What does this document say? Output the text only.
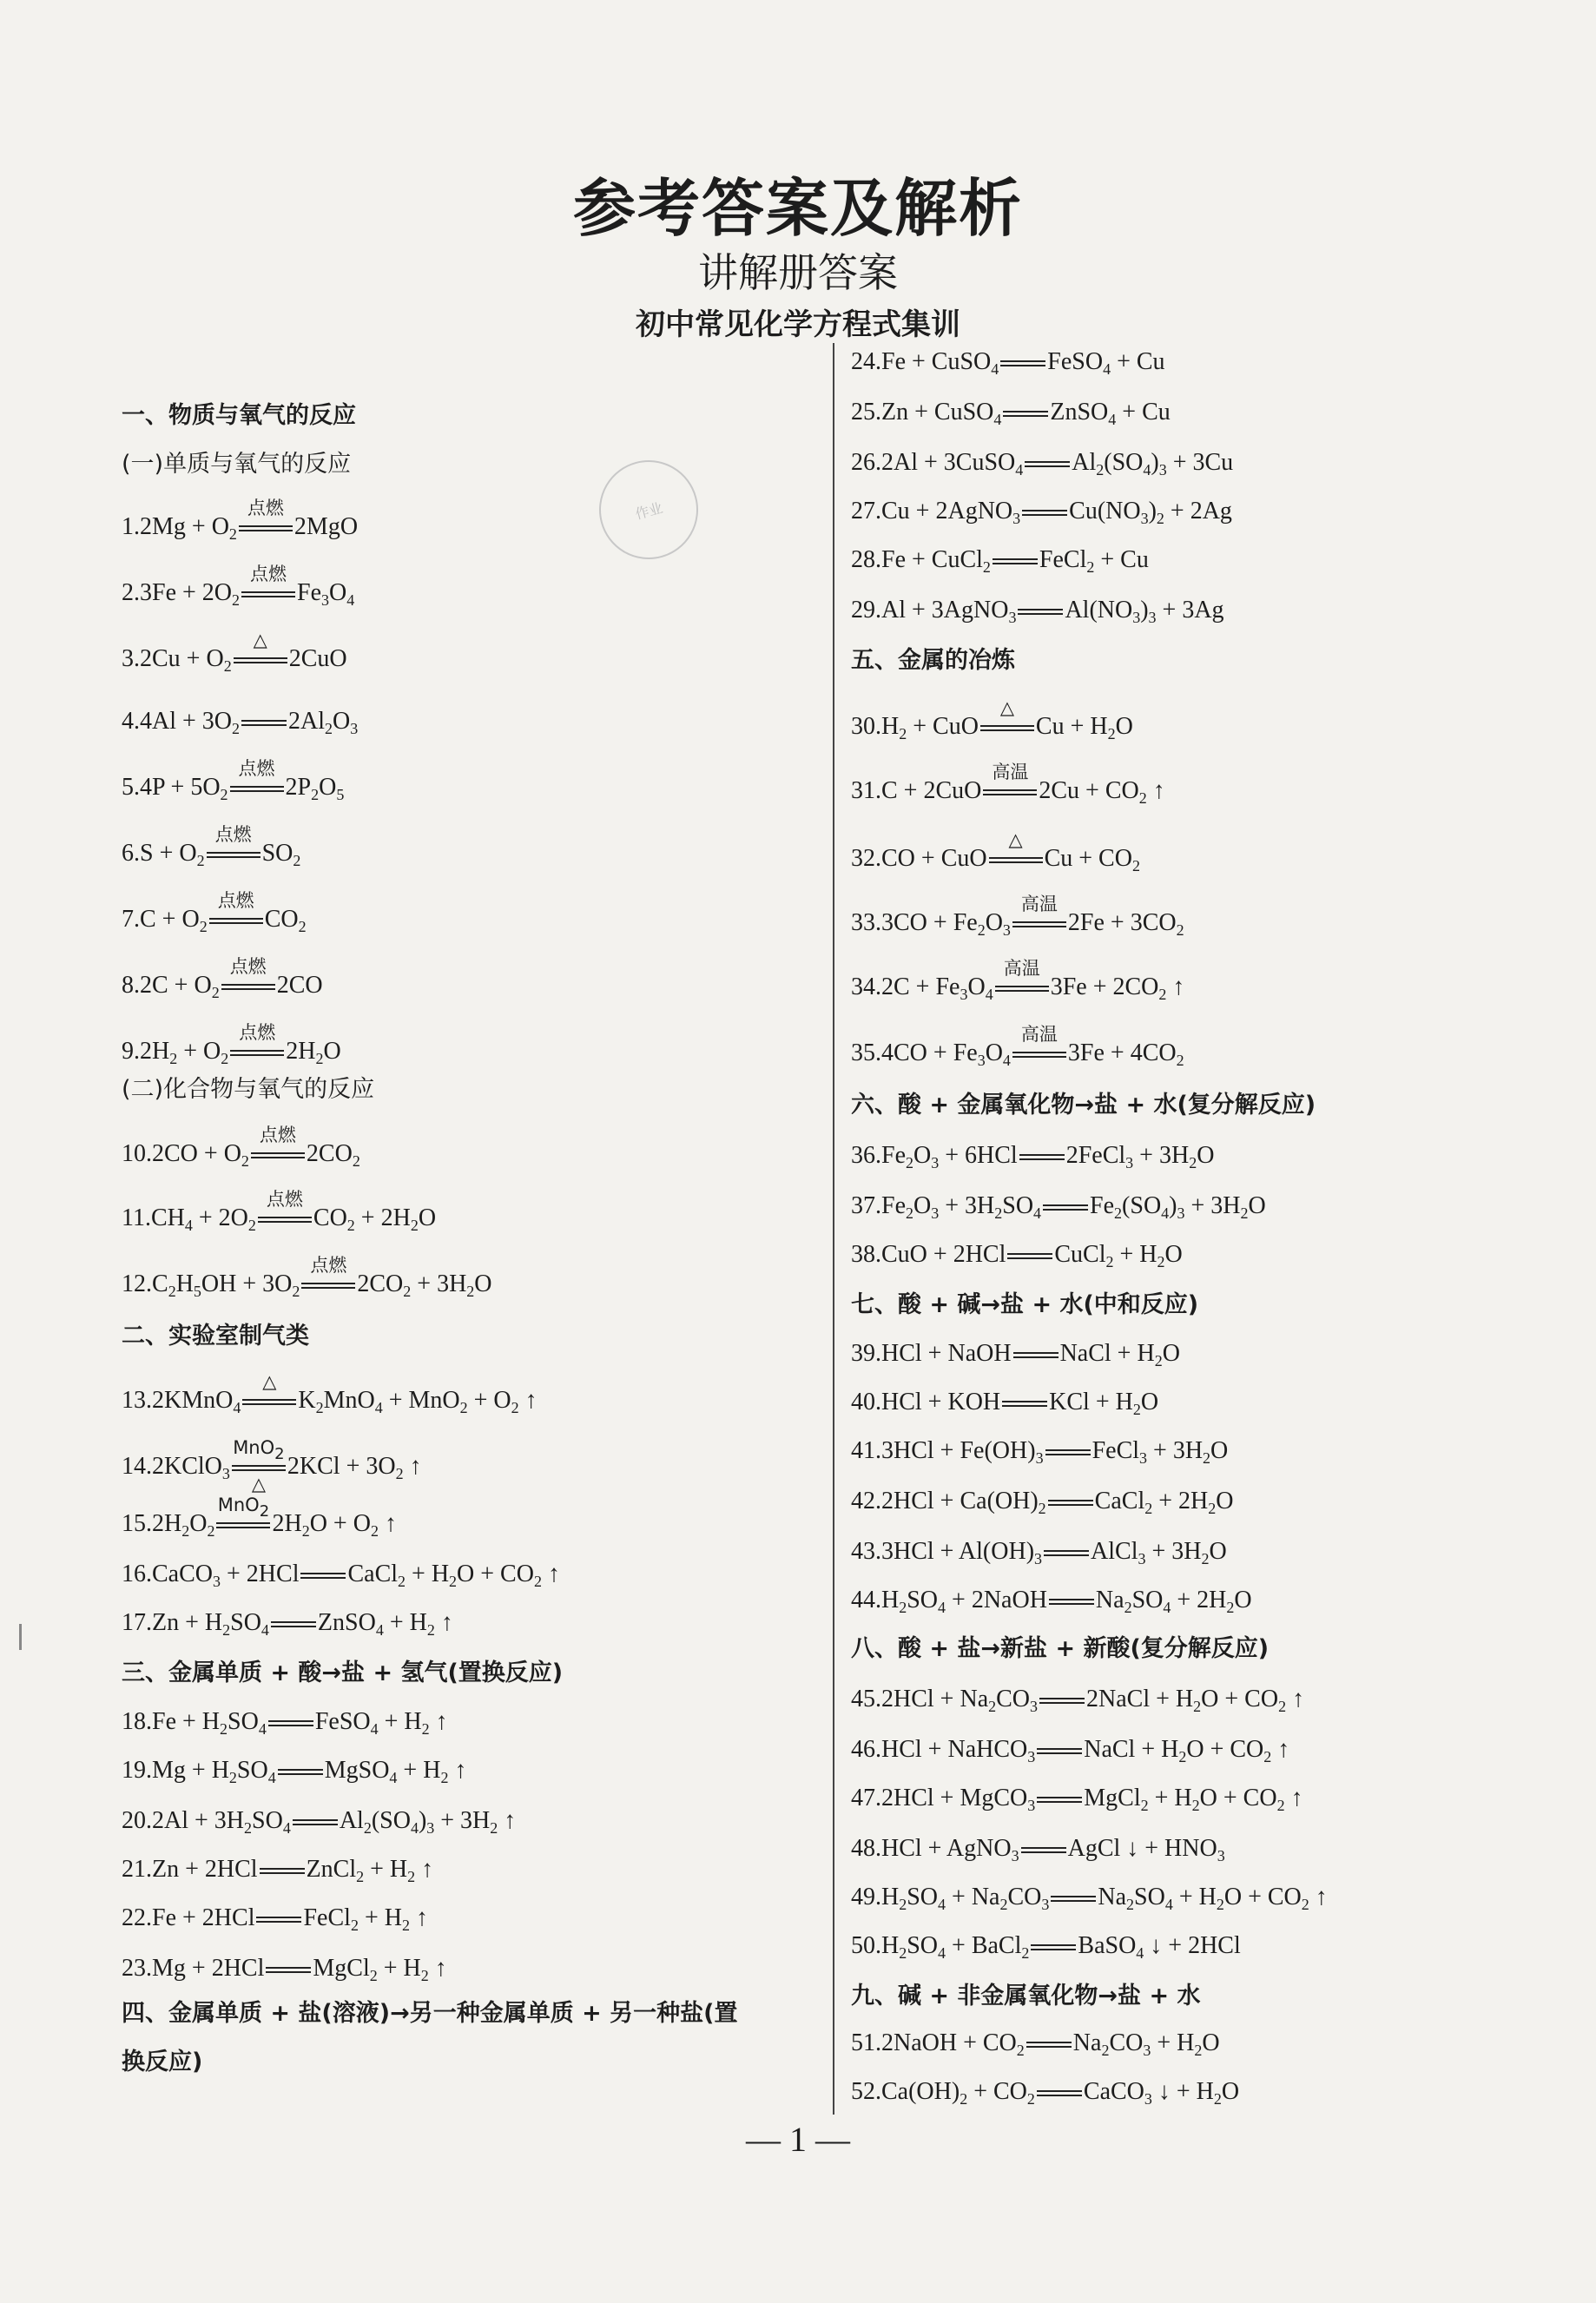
参考答案及解析
讲解册答案
初中常见化学方程式集训
作业
一、物质与氧气的反应
(一)单质与氧气的反应
$1.2Mg + O_2$
点燃
2MgO
$2.3Fe + 2O_2$
点燃
$Fe_3O_4$
$3.2Cu + O_2$
△
2CuO
$4.4Al + 3O_2$ $2Al_2O_3$
$5.4P + 5O_2$
点燃
$2P_2O_5$
$6.S + O_2$
点燃
$SO_2$
$7.C + O_2$
点燃
$CO_2$
$8.2C + O_2$
点燃
2CO
$9.2H_2 + O_2$
点燃
$2H_2O$
(二)化合物与氧气的反应
$10.2CO + O_2$
点燃
$2CO_2$
$11.CH_4 + 2O_2$
点燃
$CO_2 + 2H_2O$
$12.C_2H_5OH + 3O_2$
点燃
$2CO_2 + 3H_2O$
二、实验室制气类
13.2KMnO$_4$
△
$K_2MnO_4 + MnO_2 + O_2$ ↑
14.2KClO$_3$
MnO$_2$
△
$2KCl + 3O_2$ ↑
$15.2H_2O_2$
MnO$_2$ $2H_2O + O_2$ ↑
16.CaCO$_3$ + 2HCl CaCl$_2$ + $H_2O + CO_2$ ↑
$17.Zn + H_2SO_4$ ZnSO$_4$ + $H_2$ ↑
三、金属单质 + 酸→盐 + 氢气(置换反应)
$18.Fe + H_2SO_4$ FeSO$_4$ + $H_2$ ↑
$19.Mg + H_2SO_4$ MgSO$_4$ + $H_2$ ↑
$20.2Al + 3H_2SO_4$ $Al_2(SO_4)_3 + 3H_2$ ↑
21.Zn + 2HCl ZnCl$_2$ + $H_2$ ↑
22.Fe + 2HCl FeCl$_2$ + $H_2$ ↑
23.Mg + 2HCl MgCl$_2$ + $H_2$ ↑
四、金属单质 + 盐(溶液)→另一种金属单质 + 另一种盐(置
换反应)
24.Fe + CuSO$_4$ FeSO$_4$ + Cu
25.Zn + CuSO$_4$ ZnSO$_4$ + Cu
26.2Al + 3CuSO$_4$ $Al_2(SO_4)_3 + 3Cu$
27.Cu + 2AgNO$_3$ $Cu(NO_3)_2 + 2Ag$
28.Fe + CuCl$_2$ FeCl$_2$ + Cu
29.Al + 3AgNO$_3$ $Al(NO_3)_3 + 3Ag$
五、金属的冶炼
$30.H_2$ + CuO
△
$Cu + H_2O$
31.C + 2CuO
高温
$2Cu + CO_2$ ↑
32.CO + CuO
△
$Cu + CO_2$
$33.3CO + Fe_2O_3$
高温
$2Fe + 3CO_2$
$34.2C + Fe_3O_4$
高温
$3Fe + 2CO_2$ ↑
$35.4CO + Fe_3O_4$
高温
$3Fe + 4CO_2$
六、酸 + 金属氧化物→盐 + 水(复分解反应)
$36.Fe_2O_3 + 6HCl$ 2FeCl$_3$ + $3H_2O$
$37.Fe_2O_3 + 3H_2SO_4$ $Fe_2(SO_4)_3 + 3H_2O$
38.CuO + 2HCl CuCl$_2$ + $H_2O$
七、酸 + 碱→盐 + 水(中和反应)
39.HCl + NaOH NaCl + $H_2O$
40.HCl + KOH KCl + $H_2O$
$41.3HCl + Fe(OH)_3$ FeCl$_3$ + $3H_2O$
$42.2HCl + Ca(OH)_2$ CaCl$_2$ + $2H_2O$
$43.3HCl + Al(OH)_3$ AlCl$_3$ + $3H_2O$
$44.H_2SO_4$ + 2NaOH $Na_2SO_4 + 2H_2O$
八、酸 + 盐→新盐 + 新酸(复分解反应)
$45.2HCl + Na_2CO_3$ 2NaCl + $H_2O + CO_2$ ↑
46.HCl + NaHCO$_3$ NaCl + $H_2O + CO_2$ ↑
47.2HCl + MgCO$_3$ MgCl$_2$ + $H_2O + CO_2$ ↑
48.HCl + AgNO$_3$ AgCl ↓ + $HNO_3$
$49.H_2SO_4 + Na_2CO_3$ $Na_2SO_4 + H_2O + CO_2$ ↑
$50.H_2SO_4$ + BaCl$_2$ BaSO$_4$ ↓ + 2HCl
九、碱 + 非金属氧化物→盐 + 水
51.2NaOH + $CO_2$ $Na_2CO_3 + H_2O$
$52.Ca(OH)_2 + CO_2$ CaCO$_3$ ↓ + $H_2O$
— 1 —
